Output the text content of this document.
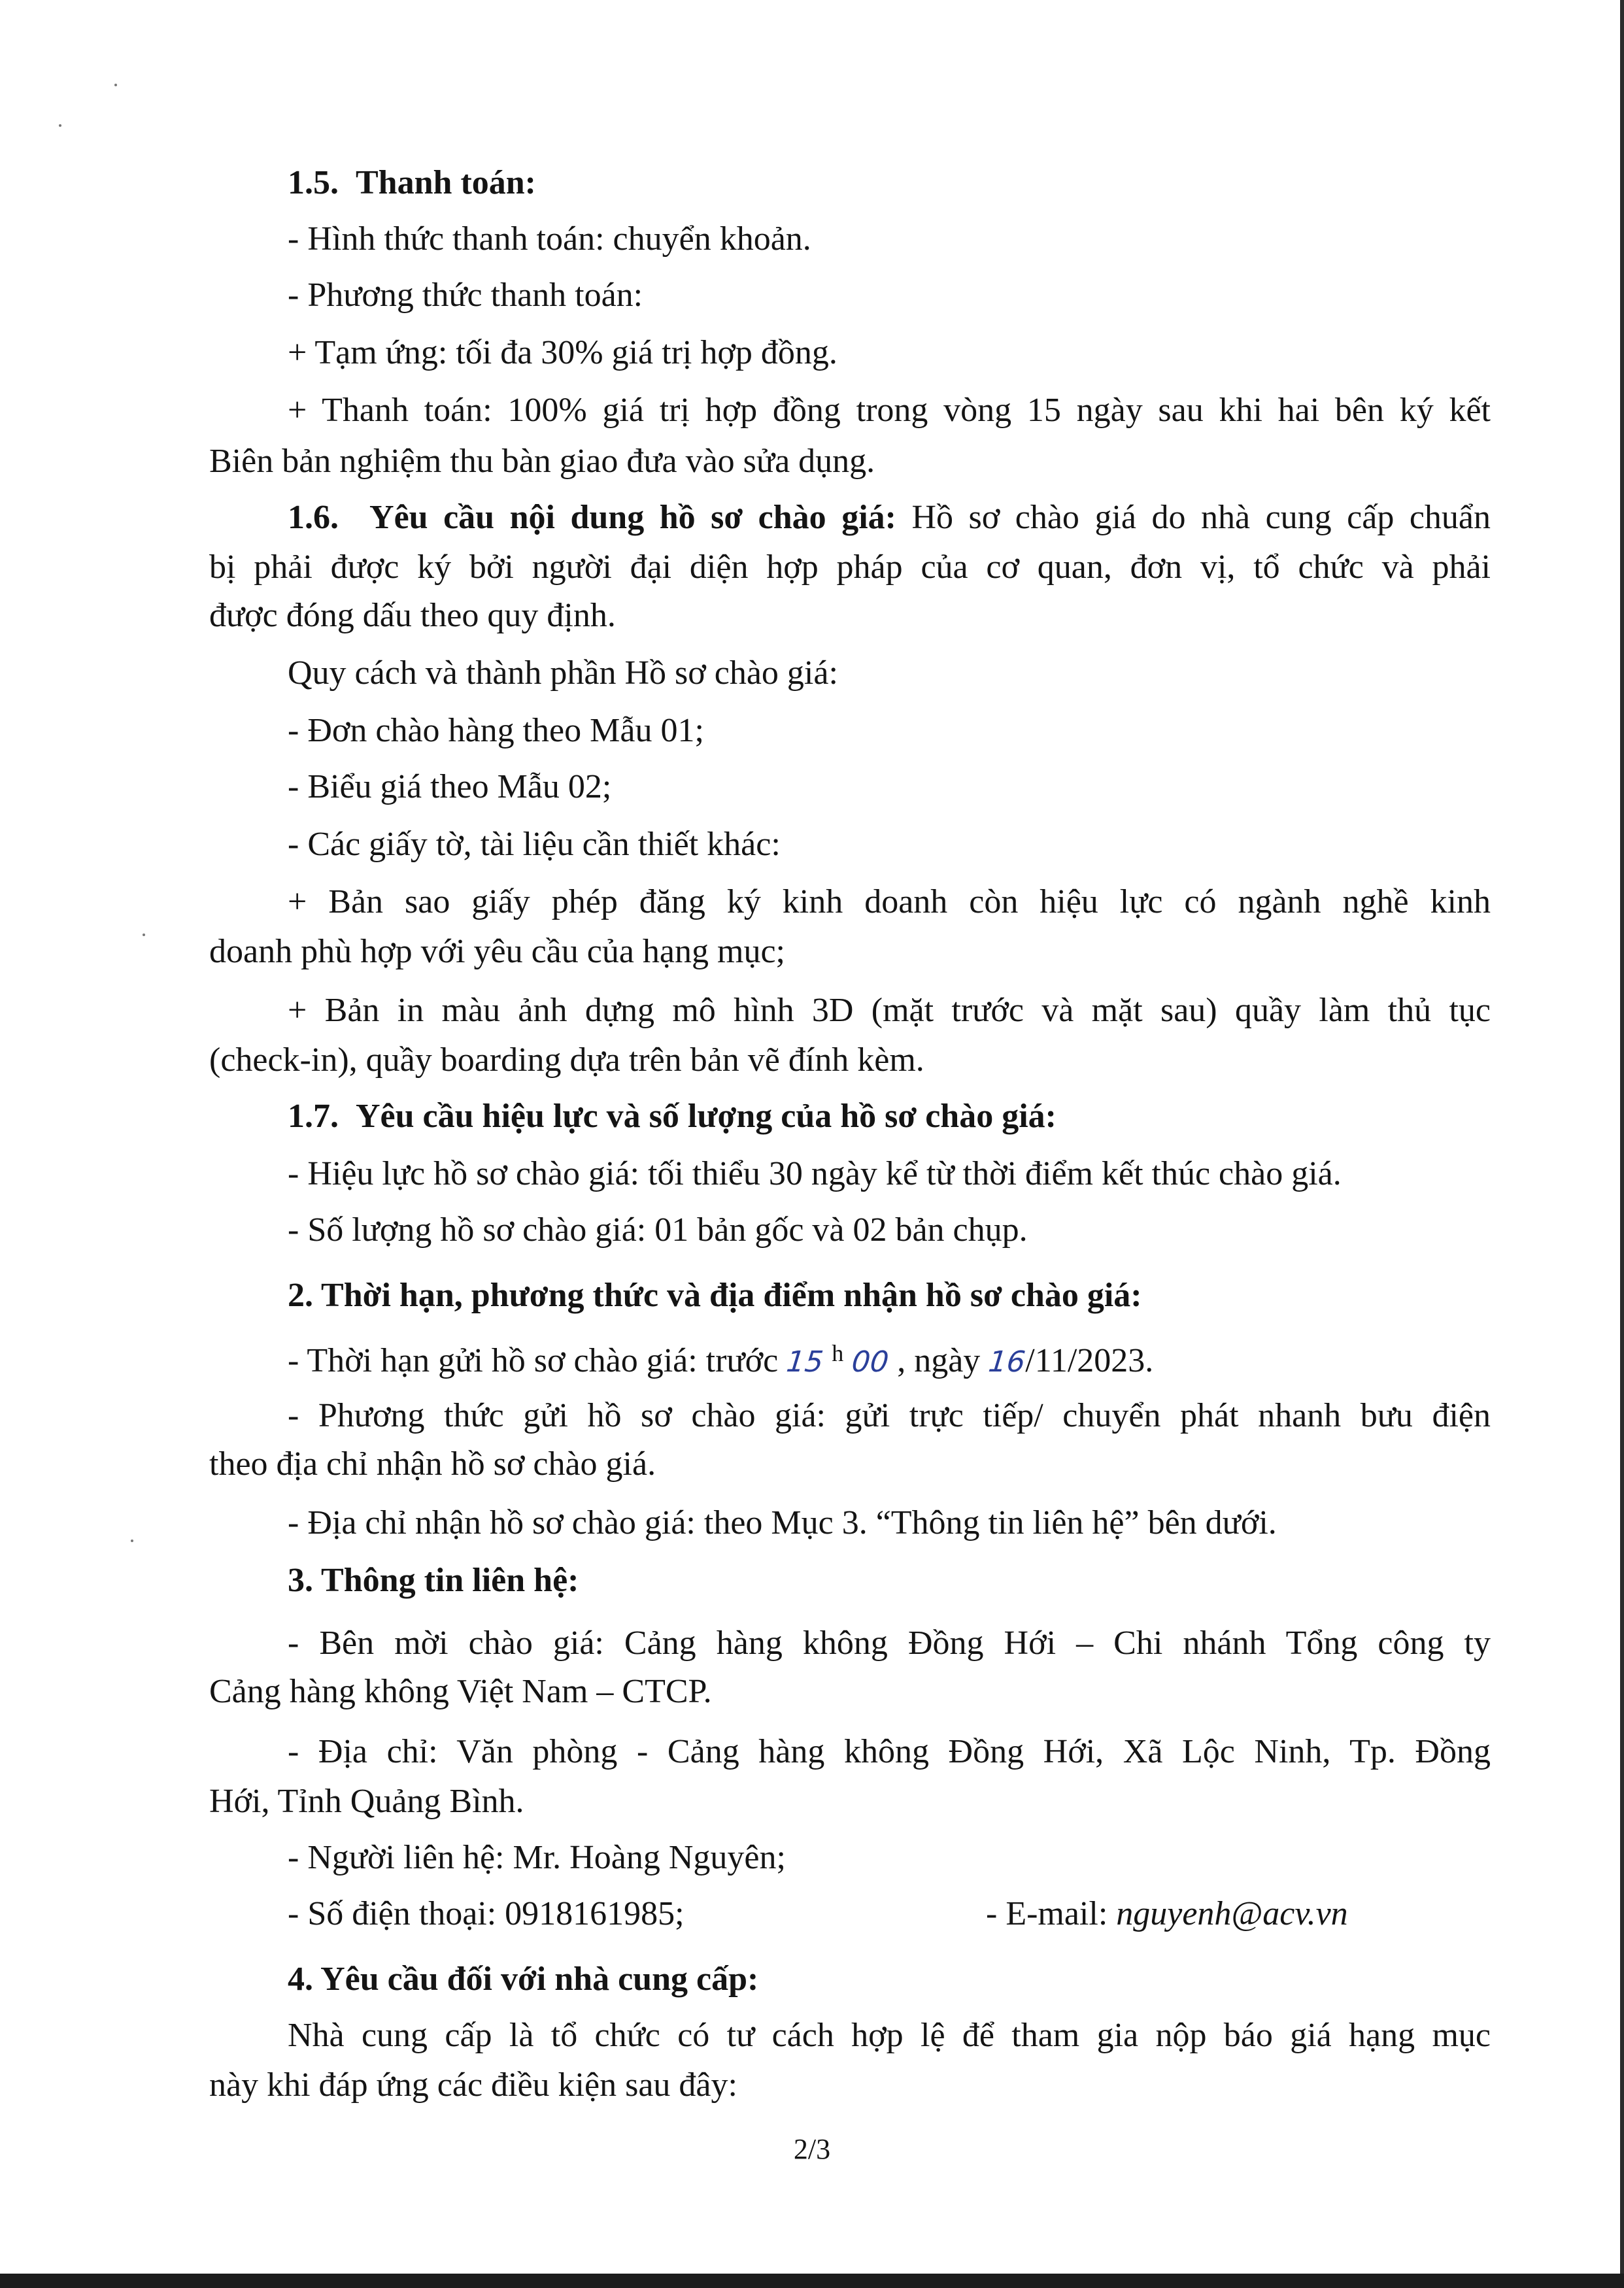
1.5. Thanh toán:
- Hình thức thanh toán: chuyển khoản.
- Phương thức thanh toán:
+ Tạm ứng: tối đa 30% giá trị hợp đồng.
+ Thanh toán: 100% giá trị hợp đồng trong vòng 15 ngày sau khi hai bên ký kết
Biên bản nghiệm thu bàn giao đưa vào sửa dụng.
1.6. Yêu cầu nội dung hồ sơ chào giá: Hồ sơ chào giá do nhà cung cấp chuẩn
bị phải được ký bởi người đại diện hợp pháp của cơ quan, đơn vị, tổ chức và phải
được đóng dấu theo quy định.
Quy cách và thành phần Hồ sơ chào giá:
- Đơn chào hàng theo Mẫu 01;
- Biểu giá theo Mẫu 02;
- Các giấy tờ, tài liệu cần thiết khác:
+ Bản sao giấy phép đăng ký kinh doanh còn hiệu lực có ngành nghề kinh
doanh phù hợp với yêu cầu của hạng mục;
+ Bản in màu ảnh dựng mô hình 3D (mặt trước và mặt sau) quầy làm thủ tục
(check-in), quầy boarding dựa trên bản vẽ đính kèm.
1.7. Yêu cầu hiệu lực và số lượng của hồ sơ chào giá:
- Hiệu lực hồ sơ chào giá: tối thiểu 30 ngày kể từ thời điểm kết thúc chào giá.
- Số lượng hồ sơ chào giá: 01 bản gốc và 02 bản chụp.
2. Thời hạn, phương thức và địa điểm nhận hồ sơ chào giá:
- Thời hạn gửi hồ sơ chào giá: trước 15 $^h$ 00 , ngày 16/11/2023.
- Phương thức gửi hồ sơ chào giá: gửi trực tiếp/ chuyển phát nhanh bưu điện
theo địa chỉ nhận hồ sơ chào giá.
- Địa chỉ nhận hồ sơ chào giá: theo Mục 3. “Thông tin liên hệ” bên dưới.
3. Thông tin liên hệ:
- Bên mời chào giá: Cảng hàng không Đồng Hới – Chi nhánh Tổng công ty
Cảng hàng không Việt Nam – CTCP.
- Địa chỉ: Văn phòng - Cảng hàng không Đồng Hới, Xã Lộc Ninh, Tp. Đồng
Hới, Tỉnh Quảng Bình.
- Người liên hệ: Mr. Hoàng Nguyên;
- Số điện thoại: 0918161985;	- E-mail: nguyenh@acv.vn
4. Yêu cầu đối với nhà cung cấp:
Nhà cung cấp là tổ chức có tư cách hợp lệ để tham gia nộp báo giá hạng mục
này khi đáp ứng các điều kiện sau đây:
2/3
